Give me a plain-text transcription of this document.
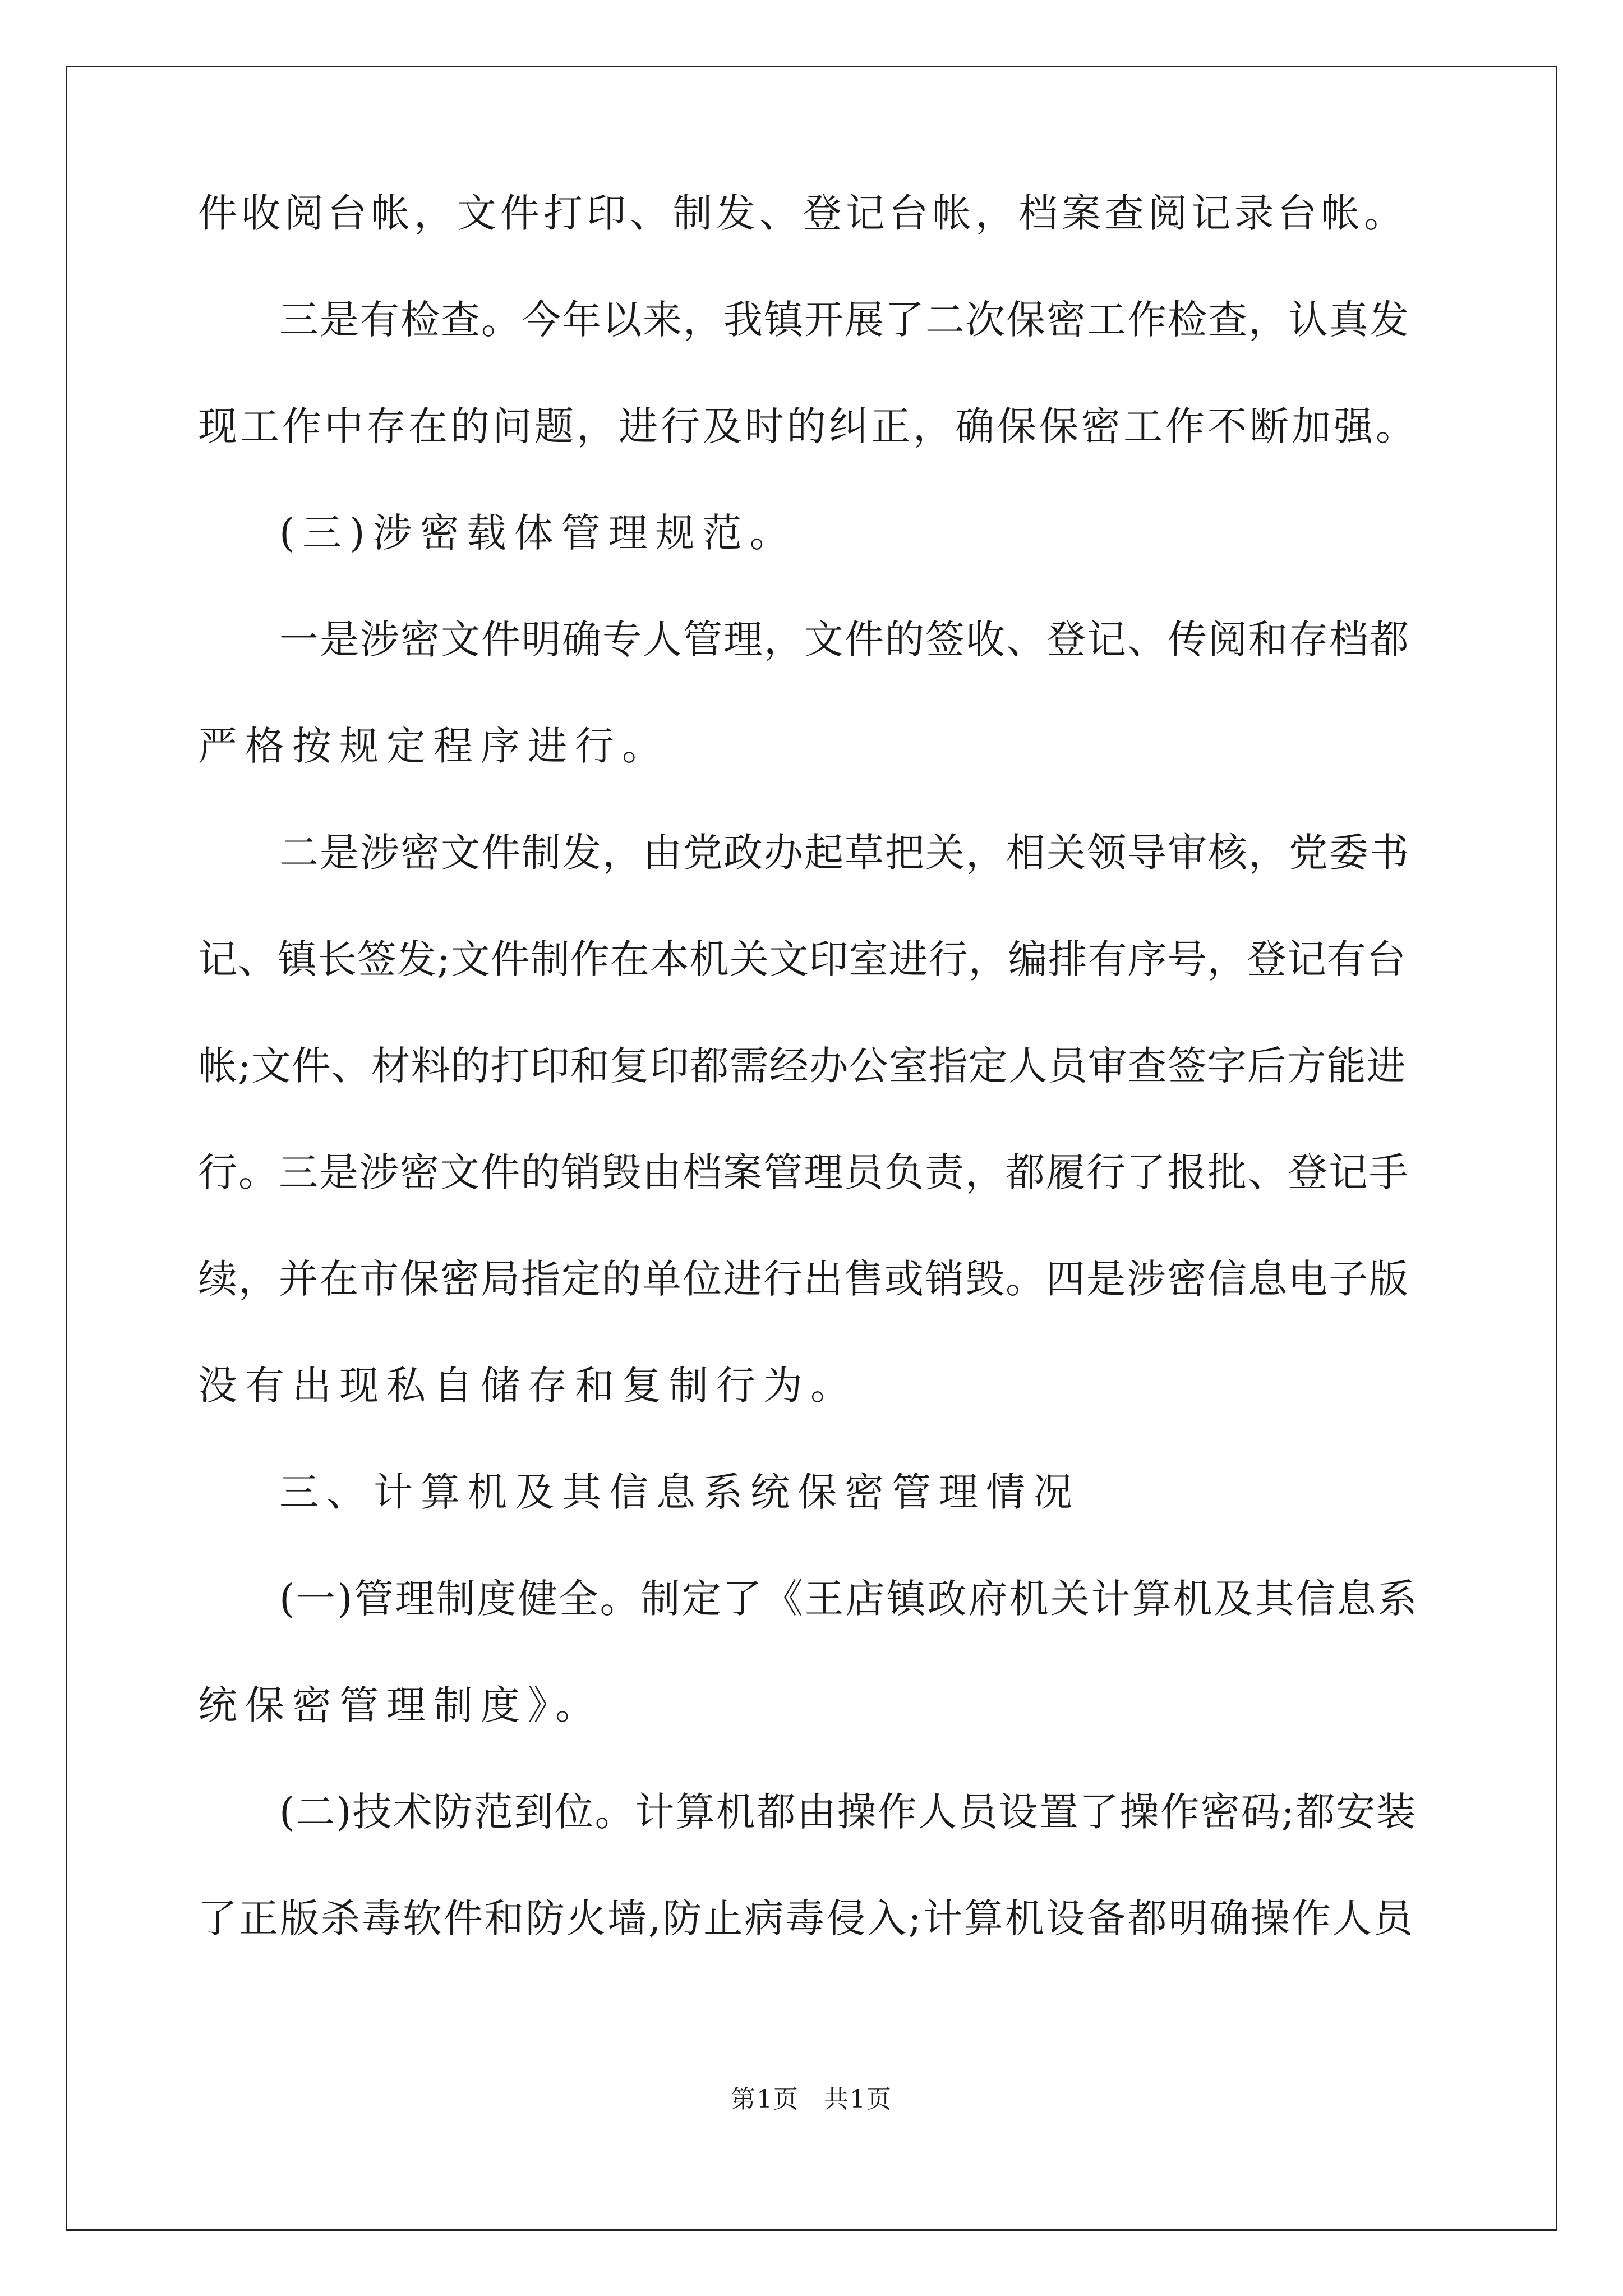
件收阅台帐，文件打印、制发、登记台帐，档案查阅记录台帐。
三是有检查。今年以来，我镇开展了二次保密工作检查，认真发
现工作中存在的问题，进行及时的纠正，确保保密工作不断加强。
(三)涉密载体管理规范。
一是涉密文件明确专人管理，文件的签收、登记、传阅和存档都
严格按规定程序进行。
二是涉密文件制发，由党政办起草把关，相关领导审核，党委书
记、镇长签发;文件制作在本机关文印室进行，编排有序号，登记有台
帐;文件、材料的打印和复印都需经办公室指定人员审查签字后方能进
行。三是涉密文件的销毁由档案管理员负责，都履行了报批、登记手
续，并在市保密局指定的单位进行出售或销毁。四是涉密信息电子版
没有出现私自储存和复制行为。
三、计算机及其信息系统保密管理情况
(一)管理制度健全。制定了《王店镇政府机关计算机及其信息系
统保密管理制度》。
(二)技术防范到位。计算机都由操作人员设置了操作密码;都安装
了正版杀毒软件和防火墙,防止病毒侵入;计算机设备都明确操作人员
第1页 共1页
